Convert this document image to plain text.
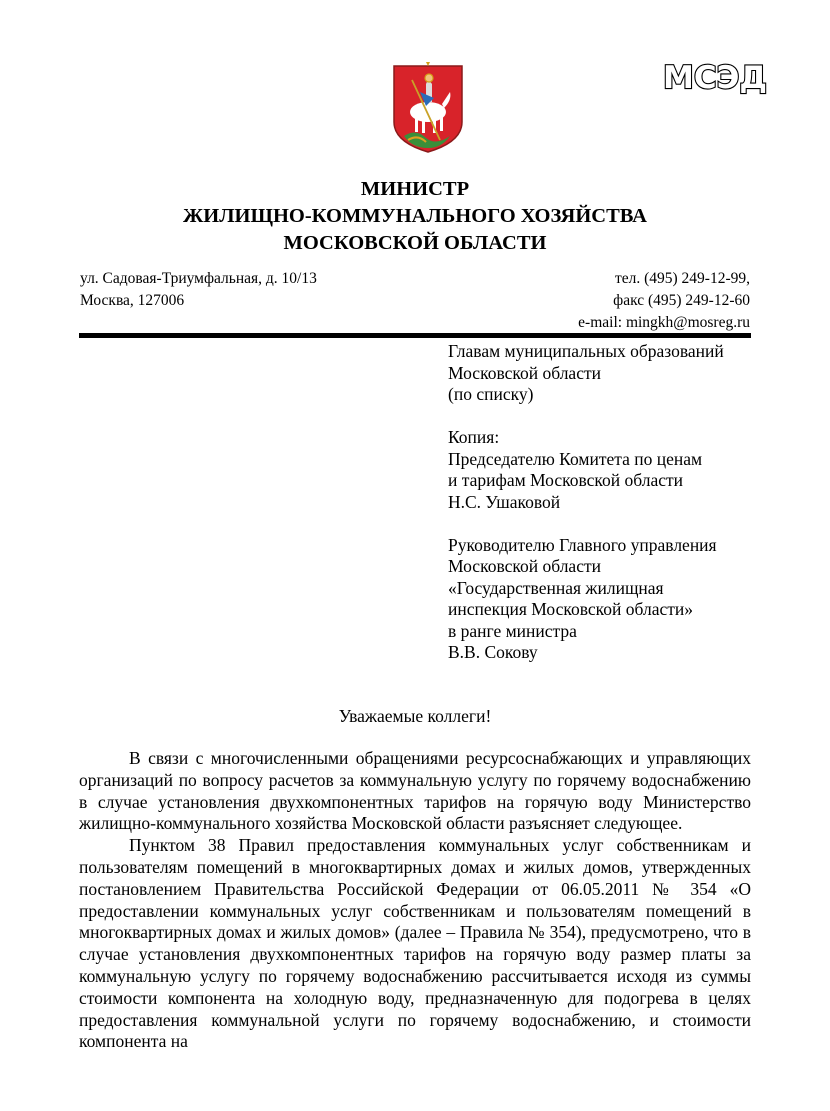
МСЭД
МИНИСТР
ЖИЛИЩНО-КОММУНАЛЬНОГО ХОЗЯЙСТВА
МОСКОВСКОЙ ОБЛАСТИ
ул. Садовая-Триумфальная, д. 10/13
Москва, 127006
тел. (495) 249-12-99,
факс (495) 249-12-60
e-mail: mingkh@mosreg.ru
Главам муниципальных образований
Московской области
(по списку)
Копия:
Председателю Комитета по ценам
и тарифам Московской области
Н.С. Ушаковой
Руководителю Главного управления
Московской области
«Государственная жилищная
инспекция Московской области»
в ранге министра
В.В. Сокову
Уважаемые коллеги!

В связи с многочисленными обращениями ресурсоснабжающих и управляющих организаций по вопросу расчетов за коммунальную услугу по горячему водоснабжению в случае установления двухкомпонентных тарифов на горячую воду Министерство жилищно-коммунального хозяйства Московской области разъясняет следующее.

Пунктом 38 Правил предоставления коммунальных услуг собственникам и пользователям помещений в многоквартирных домах и жилых домов, утвержденных постановлением Правительства Российской Федерации от 06.05.2011 № 354 «О предоставлении коммунальных услуг собственникам и пользователям помещений в многоквартирных домах и жилых домов» (далее – Правила № 354), предусмотрено, что в случае установления двухкомпонентных тарифов на горячую воду размер платы за коммунальную услугу по горячему водоснабжению рассчитывается исходя из суммы стоимости компонента на холодную воду, предназначенную для подогрева в целях предоставления коммунальной услуги по горячему водоснабжению, и стоимости компонента на
